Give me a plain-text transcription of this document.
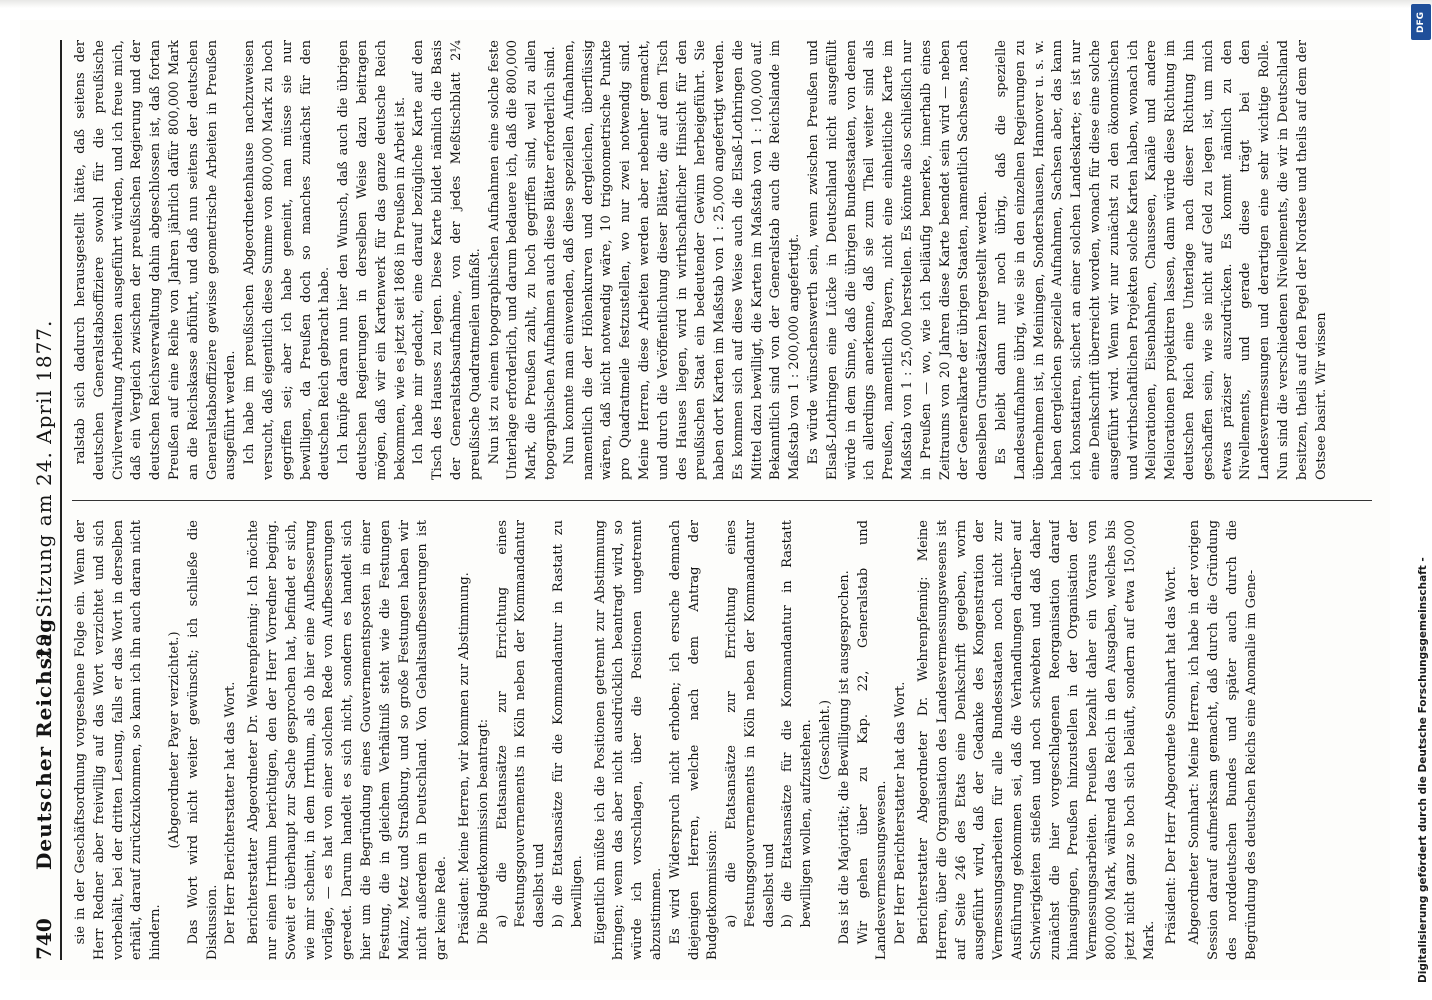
740
Deutscher Reichstag.
29. Sitzung am 24. April 1877.

sie in der Geschäftsordnung vorgesehene Folge ein. Wenn der Herr Redner aber freiwillig auf das Wort verzichtet und sich vorbehält, bei der dritten Lesung, falls er das Wort in derselben erhält, darauf zurückzukommen, so kann ich ihn auch daran nicht hindern.

(Abgeordneter Payer verzichtet.) Das Wort wird nicht weiter gewünscht; ich schließe die Diskussion. Der Herr Berichterstatter hat das Wort. Berichterstatter Abgeordneter Dr. Wehrenpfennig: Ich möchte nur einen Irrthum berichtigen, den der Herr Vorredner beging. Soweit er überhaupt zur Sache gesprochen hat, befindet er sich, wie mir scheint, in dem Irrthum, als ob hier eine Aufbesserung vorläge, — es hat von einer solchen Rede von Aufbesserungen geredet. Darum handelt es sich nicht, sondern es handelt sich hier um die Begründung eines Gouvernementsposten in einer Festung, die in gleichem Verhältniß steht wie die Festungen Mainz, Metz und Straßburg, und so große Festungen haben wir nicht außerdem in Deutschland. Von Gehaltsaufbesserungen ist gar keine Rede. Präsident: Meine Herren, wir kommen zur Abstimmung. Die Budgetkommission beantragt: a) die Etatsansätze zur Errichtung eines Festungsgouvernements in Köln neben der Kommandantur daselbst und b) die Etatsansätze für die Kommandantur in Rastatt zu bewilligen. Eigentlich müßte ich die Positionen getrennt zur Abstimmung bringen; wenn das aber nicht ausdrücklich beantragt wird, so würde ich vorschlagen, über die Positionen ungetrennt abzustimmen. Es wird Widerspruch nicht erhoben; ich ersuche demnach diejenigen Herren, welche nach dem Antrag der Budgetkommission: a) die Etatsansätze zur Errichtung eines Festungsgouvernements in Köln neben der Kommandantur daselbst und b) die Etatsansätze für die Kommandantur in Rastatt bewilligen wollen, aufzustehen. (Geschieht.) Das ist die Majorität; die Bewilligung ist ausgesprochen. Wir gehen über zu Kap. 22, Generalstab und Landesvermessungswesen. Der Herr Berichterstatter hat das Wort. Berichterstatter Abgeordneter Dr. Wehrenpfennig: Meine Herren, über die Organisation des Landesvermessungswesens ist auf Seite 246 des Etats eine Denkschrift gegeben, worin ausgeführt wird, daß der Gedanke des Kongenstration der Vermessungsarbeiten für alle Bundesstaaten noch nicht zur Ausführung gekommen sei, daß die Verhandlungen darüber auf Schwierigkeiten stießen und noch schwebten und daß daher zunächst die hier vorgeschlagenen Reorganisation darauf hinausgingen, Preußen hinzustellen in der Organisation der Vermessungsarbeiten. Preußen bezahlt daher ein Voraus von 800,000 Mark, während das Reich in den Ausgaben, welches bis jetzt nicht ganz so hoch sich beläuft, sondern auf etwa 150,000 Mark. Präsident: Der Herr Abgeordnete Sonnhart hat das Wort. Abgeordneter Sonnhart: Meine Herren, ich habe in der vorigen Session darauf aufmerksam gemacht, daß durch die Gründung des norddeutschen Bundes und später auch durch die Begründung des deutschen Reichs eine Anomalie im Gene-

ralstab sich dadurch herausgestellt hätte, daß seitens der deutschen Generalstabsoffiziere sowohl für die preußische Civilverwaltung Arbeiten ausgeführt würden, und ich freue mich, daß ein Vergleich zwischen der preußischen Regierung und der deutschen Reichsverwaltung dahin abgeschlossen ist, daß fortan Preußen auf eine Reihe von Jahren jährlich dafür 800,000 Mark an die Reichskasse abführt, und daß nun seitens der deutschen Generalstabsoffiziere gewisse geometrische Arbeiten in Preußen ausgeführt werden. Ich habe im preußischen Abgeordnetenhause nachzuweisen versucht, daß eigentlich diese Summe von 800,000 Mark zu hoch gegriffen sei; aber ich habe gemeint, man müsse sie nur bewilligen, da Preußen doch so manches zunächst für den deutschen Reich gebracht habe. Ich knüpfe daran nun hier den Wunsch, daß auch die übrigen deutschen Regierungen in derselben Weise dazu beitragen mögen, daß wir ein Kartenwerk für das ganze deutsche Reich bekommen, wie es jetzt seit 1868 in Preußen in Arbeit ist. Ich habe mir gedacht, eine darauf bezügliche Karte auf den Tisch des Hauses zu legen. Diese Karte bildet nämlich die Basis der Generalstabsaufnahme, von der jedes Meßtischblatt 2¼ preußische Quadratmeilen umfaßt. Nun ist zu einem topographischen Aufnahmen eine solche feste Unterlage erforderlich, und darum bedauere ich, daß die 800,000 Mark, die Preußen zahlt, zu hoch gegriffen sind, weil zu allen topographischen Aufnahmen auch diese Blätter erforderlich sind. Nun konnte man einwenden, daß diese speziellen Aufnahmen, namentlich die der Höhenkurven und dergleichen, überflüssig wären, daß nicht notwendig wäre, 10 trigonometrische Punkte pro Quadratmeile festzustellen, wo nur zwei notwendig sind. Meine Herren, diese Arbeiten werden aber nebenher gemacht, und durch die Veröffentlichung dieser Blätter, die auf dem Tisch des Hauses liegen, wird in wirthschaftlicher Hinsicht für den preußischen Staat ein bedeutender Gewinn herbeigeführt. Sie haben dort Karten im Maßstab von 1 : 25,000 angefertigt werden. Es kommen sich auf diese Weise auch die Elsaß-Lothringen die Mittel dazu bewilligt, die Karten im Maßstab von 1 : 100,000 auf. Bekanntlich sind von der Generalstab auch die Reichslande im Maßstab von 1 : 200,000 angefertigt. Es würde wünschenswerth sein, wenn zwischen Preußen und Elsaß-Lothringen eine Lücke in Deutschland nicht ausgefüllt würde in dem Sinne, daß die übrigen Bundesstaaten, von denen ich allerdings anerkenne, daß sie zum Theil weiter sind als Preußen, namentlich Bayern, nicht eine einheitliche Karte im Maßstab von 1 : 25,000 herstellen. Es könnte also schließlich nur in Preußen — wo, wie ich beiläufig bemerke, innerhalb eines Zeitraums von 20 Jahren diese Karte beendet sein wird — neben der Generalkarte der übrigen Staaten, namentlich Sachsens, nach denselben Grundsätzen hergestellt werden. Es bleibt dann nur noch übrig, daß die spezielle Landesaufnahme übrig, wie sie in den einzelnen Regierungen zu übernehmen ist, in Meiningen, Sondershausen, Hannover u. s. w. haben dergleichen spezielle Aufnahmen, Sachsen aber, das kann ich konstatiren, sichert an einer solchen Landeskarte; es ist nur eine Denkschrift überreicht worden, wonach für diese eine solche ausgeführt wird. Wenn wir nur zunächst zu den ökonomischen und wirthschaftlichen Projekten solche Karten haben, wonach ich Meliorationen, Eisenbahnen, Chausseen, Kanäle und andere Meliorationen projektiren lassen, dann würde diese Richtung im deutschen Reich eine Unterlage nach dieser Richtung hin geschaffen sein, wie sie nicht auf Geld zu legen ist, um mich etwas präziser auszudrücken. Es kommt nämlich zu den Nivellements, und gerade diese trägt bei den Landesvermessungen und derartigen eine sehr wichtige Rolle. Nun sind die verschiedenen Nivellements, die wir in Deutschland besitzen, theils auf den Pegel der Nordsee und theils auf dem der Ostsee basirt. Wir wissen

Digitalisierung gefördert durch die Deutsche Forschungsgemeinschaft -
DFG
